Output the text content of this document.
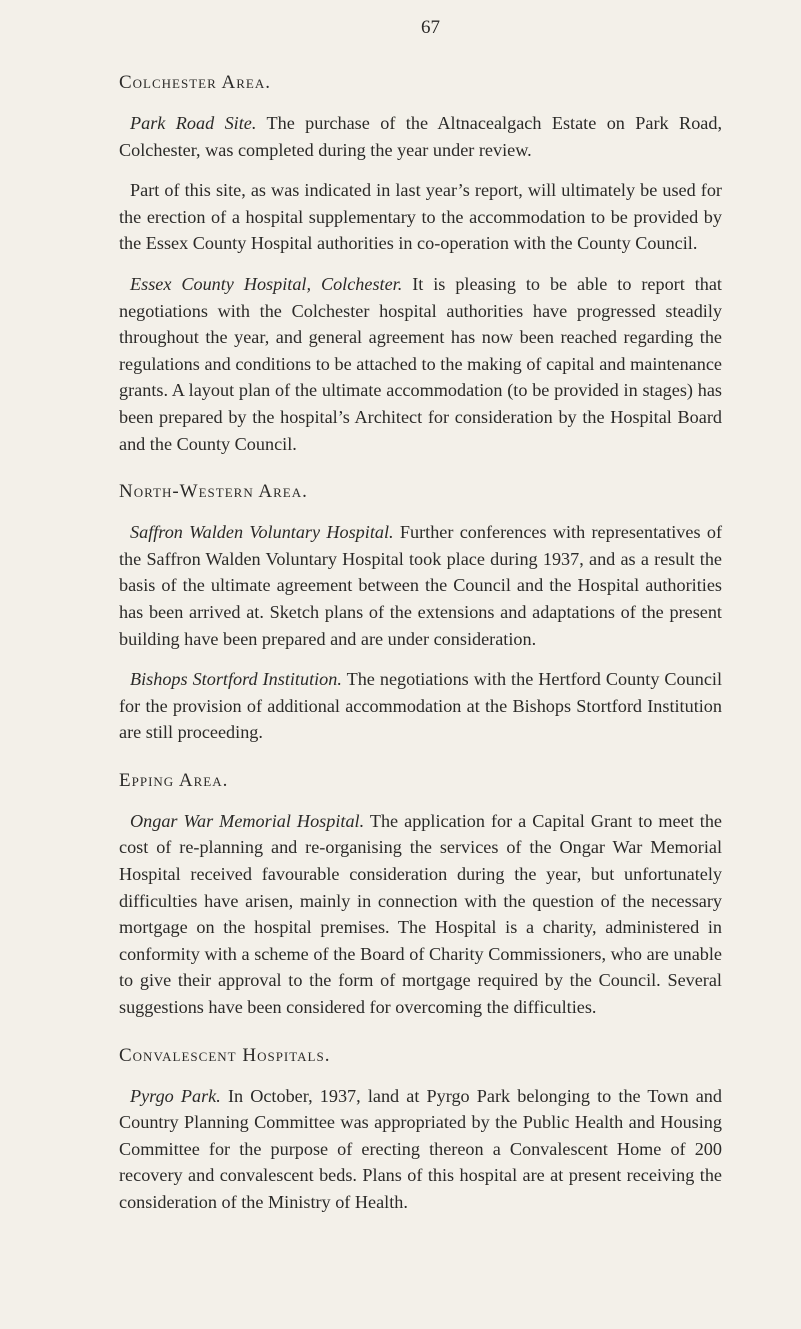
67
Colchester Area.

Park Road Site. The purchase of the Altnacealgach Estate on Park Road, Colchester, was completed during the year under review.

Part of this site, as was indicated in last year’s report, will ultimately be used for the erection of a hospital supplementary to the accommodation to be provided by the Essex County Hospital authorities in co-operation with the County Council.

Essex County Hospital, Colchester. It is pleasing to be able to report that negotiations with the Colchester hospital authorities have progressed steadily throughout the year, and general agreement has now been reached regarding the regulations and conditions to be attached to the making of capital and maintenance grants. A layout plan of the ultimate accommodation (to be provided in stages) has been prepared by the hospital’s Architect for consideration by the Hospital Board and the County Council.

North-Western Area.

Saffron Walden Voluntary Hospital. Further conferences with representatives of the Saffron Walden Voluntary Hospital took place during 1937, and as a result the basis of the ultimate agreement between the Council and the Hospital authorities has been arrived at. Sketch plans of the extensions and adaptations of the present building have been prepared and are under consideration.

Bishops Stortford Institution. The negotiations with the Hertford County Council for the provision of additional accommodation at the Bishops Stortford Institution are still proceeding.

Epping Area.

Ongar War Memorial Hospital. The application for a Capital Grant to meet the cost of re-planning and re-organising the services of the Ongar War Memorial Hospital received favourable consideration during the year, but unfortunately difficulties have arisen, mainly in connection with the question of the necessary mortgage on the hospital premises. The Hospital is a charity, administered in conformity with a scheme of the Board of Charity Commissioners, who are unable to give their approval to the form of mortgage required by the Council. Several suggestions have been considered for overcoming the difficulties.

Convalescent Hospitals.

Pyrgo Park. In October, 1937, land at Pyrgo Park belonging to the Town and Country Planning Committee was appropriated by the Public Health and Housing Committee for the purpose of erecting thereon a Convalescent Home of 200 recovery and convalescent beds. Plans of this hospital are at present receiving the consideration of the Ministry of Health.
